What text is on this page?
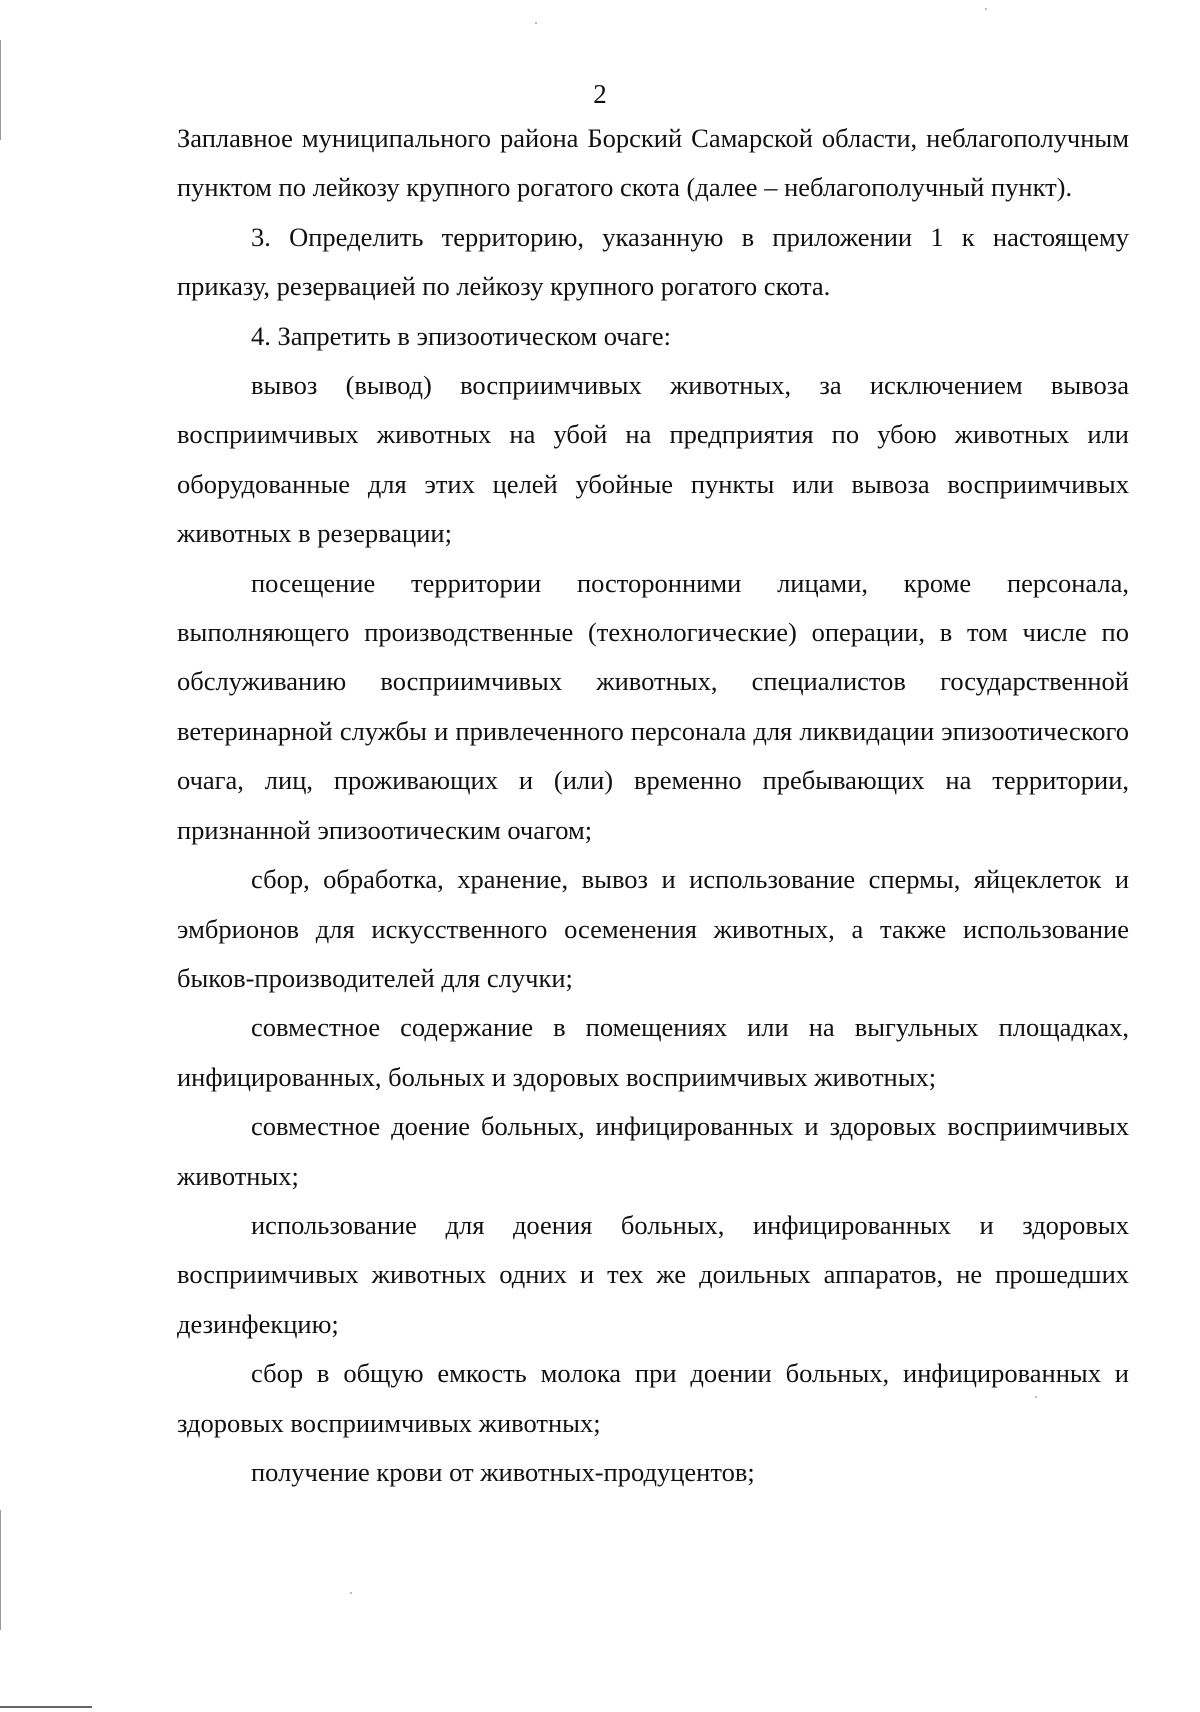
2

Заплавное муниципального района Борский Самарской области, неблагополучным пунктом по лейкозу крупного рогатого скота (далее – неблагополучный пункт).

3. Определить территорию, указанную в приложении 1 к настоящему приказу, резервацией по лейкозу крупного рогатого скота.

4. Запретить в эпизоотическом очаге:

вывоз (вывод) восприимчивых животных, за исключением вывоза восприимчивых животных на убой на предприятия по убою животных или оборудованные для этих целей убойные пункты или вывоза восприимчивых животных в резервации;

посещение территории посторонними лицами, кроме персонала, выполняющего производственные (технологические) операции, в том числе по обслуживанию восприимчивых животных, специалистов государственной ветеринарной службы и привлеченного персонала для ликвидации эпизоотического очага, лиц, проживающих и (или) временно пребывающих на территории, признанной эпизоотическим очагом;

сбор, обработка, хранение, вывоз и использование спермы, яйцеклеток и эмбрионов для искусственного осеменения животных, а также использование быков-производителей для случки;

совместное содержание в помещениях или на выгульных площадках, инфицированных, больных и здоровых восприимчивых животных;

совместное доение больных, инфицированных и здоровых восприимчивых животных;

использование для доения больных, инфицированных и здоровых восприимчивых животных одних и тех же доильных аппаратов, не прошедших дезинфекцию;

сбор в общую емкость молока при доении больных, инфицированных и здоровых восприимчивых животных;

получение крови от животных-продуцентов;
